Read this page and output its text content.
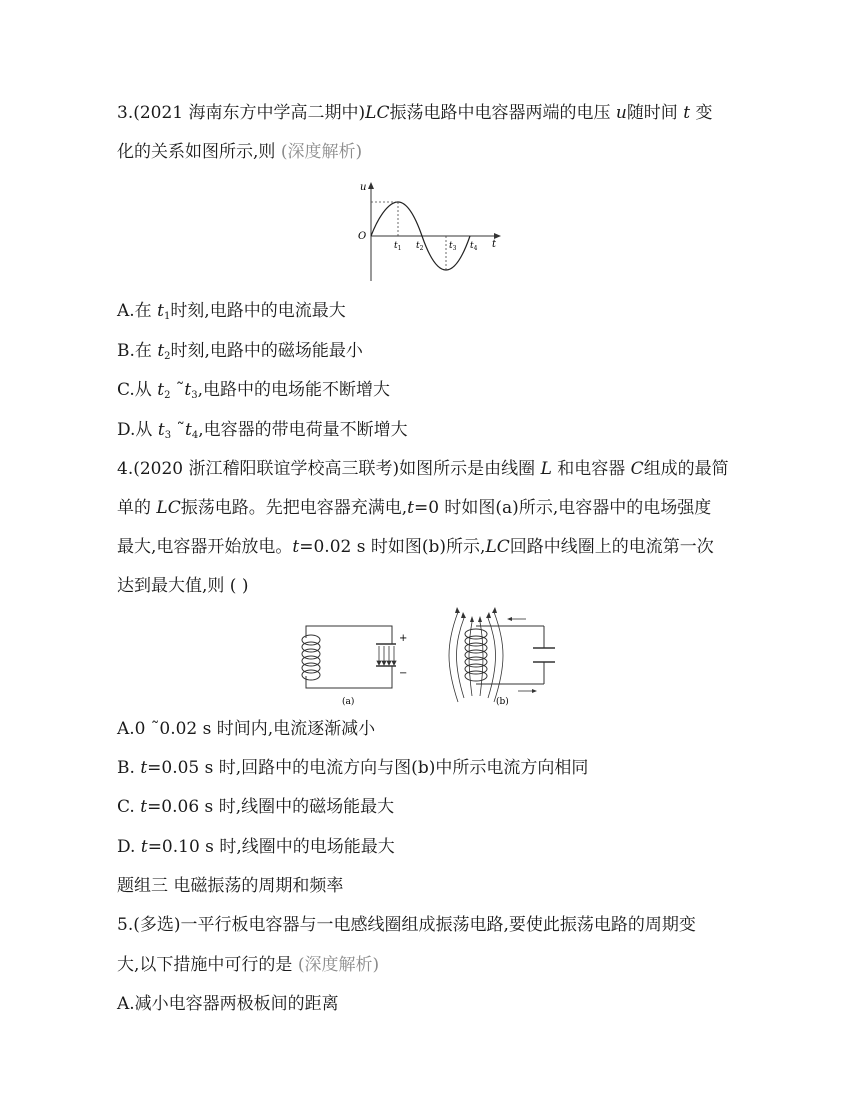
3.(2021 海南东方中学高二期中)LC振荡电路中电容器两端的电压 u随时间 t 变
化的关系如图所示,则 (深度解析)
u
O
t
$t_1$ $t_2$	$t_3$ $t_4$
A.在 $t_1$时刻,电路中的电流最大
B.在 $t_2$时刻,电路中的磁场能最小
C.从 $t_2$ $˜t_3$,电路中的电场能不断增大
D.从 $t_3$ $˜t_4$,电容器的带电荷量不断增大
4.(2020 浙江稽阳联谊学校高三联考)如图所示是由线圈 L 和电容器 C组成的最简
单的 LC振荡电路。先把电容器充满电,t=0 时如图(a)所示,电容器中的电场强度
最大,电容器开始放电。t=0.02 s 时如图(b)所示,LC回路中线圈上的电流第一次
达到最大值,则 ( )
+
−
(a)	(b)
A.0 ˜0.02 s 时间内,电流逐渐减小
B. t=0.05 s 时,回路中的电流方向与图(b)中所示电流方向相同
C. t=0.06 s 时,线圈中的磁场能最大
D. t=0.10 s 时,线圈中的电场能最大
题组三 电磁振荡的周期和频率
5.(多选)一平行板电容器与一电感线圈组成振荡电路,要使此振荡电路的周期变
大,以下措施中可行的是 (深度解析)
A.减小电容器两极板间的距离
